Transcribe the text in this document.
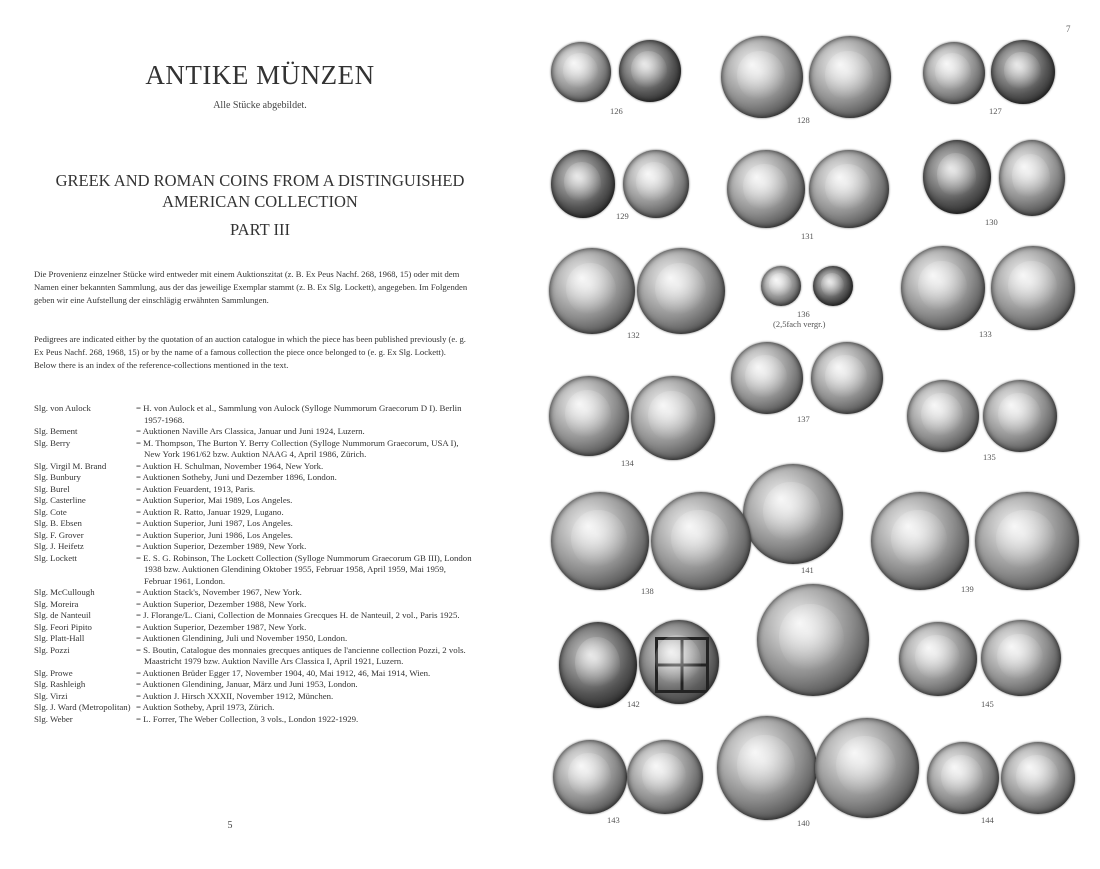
ANTIKE MÜNZEN
Alle Stücke abgebildet.
GREEK AND ROMAN COINS FROM A DISTINGUISHED AMERICAN COLLECTION
PART III

Die Provenienz einzelner Stücke wird entweder mit einem Auktionszitat (z. B. Ex Peus Nachf. 268, 1968, 15) oder mit dem Namen einer bekannten Sammlung, aus der das jeweilige Exemplar stammt (z. B. Ex Slg. Lockett), angegeben. Im Folgenden geben wir eine Aufstellung der einschlägig erwähnten Sammlungen.

Pedigrees are indicated either by the quotation of an auction catalogue in which the piece has been published previously (e. g. Ex Peus Nachf. 268, 1968, 15) or by the name of a famous collection the piece once belonged to (e. g. Ex Slg. Lockett). Below there is an index of the reference-collections mentioned in the text.

Slg. von Aulock	= H. von Aulock et al., Sammlung von Aulock (Sylloge Nummorum Graecorum D I). Berlin 1957-1968.
Slg. Bement	= Auktionen Naville Ars Classica, Januar und Juni 1924, Luzern.
Slg. Berry	= M. Thompson, The Burton Y. Berry Collection (Sylloge Nummorum Graecorum, USA I), New York 1961/62 bzw. Auktion NAAG 4, April 1986, Zürich.
Slg. Virgil M. Brand	= Auktion H. Schulman, November 1964, New York.
Slg. Bunbury	= Auktionen Sotheby, Juni und Dezember 1896, London.
Slg. Burel	= Auktion Feuardent, 1913, Paris.
Slg. Casterline	= Auktion Superior, Mai 1989, Los Angeles.
Slg. Cote	= Auktion R. Ratto, Januar 1929, Lugano.
Slg. B. Ebsen	= Auktion Superior, Juni 1987, Los Angeles.
Slg. F. Grover	= Auktion Superior, Juni 1986, Los Angeles.
Slg. J. Heifetz	= Auktion Superior, Dezember 1989, New York.
Slg. Lockett	= E. S. G. Robinson, The Lockett Collection (Sylloge Nummorum Graecorum GB III), London 1938 bzw. Auktionen Glendining Oktober 1955, Februar 1958, April 1959, Mai 1959, Februar 1961, London.
Slg. McCullough	= Auktion Stack's, November 1967, New York.
Slg. Moreira	= Auktion Superior, Dezember 1988, New York.
Slg. de Nanteuil	= J. Florange/L. Ciani, Collection de Monnaies Grecques H. de Nanteuil, 2 vol., Paris 1925.
Slg. Feori Pipito	= Auktion Superior, Dezember 1987, New York.
Slg. Platt-Hall	= Auktionen Glendining, Juli und November 1950, London.
Slg. Pozzi	= S. Boutin, Catalogue des monnaies grecques antiques de l'ancienne collection Pozzi, 2 vols. Maastricht 1979 bzw. Auktion Naville Ars Classica I, April 1921, Luzern.
Slg. Prowe	= Auktionen Brüder Egger 17, November 1904, 40, Mai 1912, 46, Mai 1914, Wien.
Slg. Rashleigh	= Auktionen Glendining, Januar, März und Juni 1953, London.
Slg. Virzi	= Auktion J. Hirsch XXXII, November 1912, München.
Slg. J. Ward (Metropolitan) = Auktion Sotheby, April 1973, Zürich.
Slg. Weber	= L. Forrer, The Weber Collection, 3 vols., London 1922-1929.
5
7
126
128
127
129
131
130
132
136
(2,5fach vergr.)
133
137
134
135
141
138	139
142	145
140
143	144
